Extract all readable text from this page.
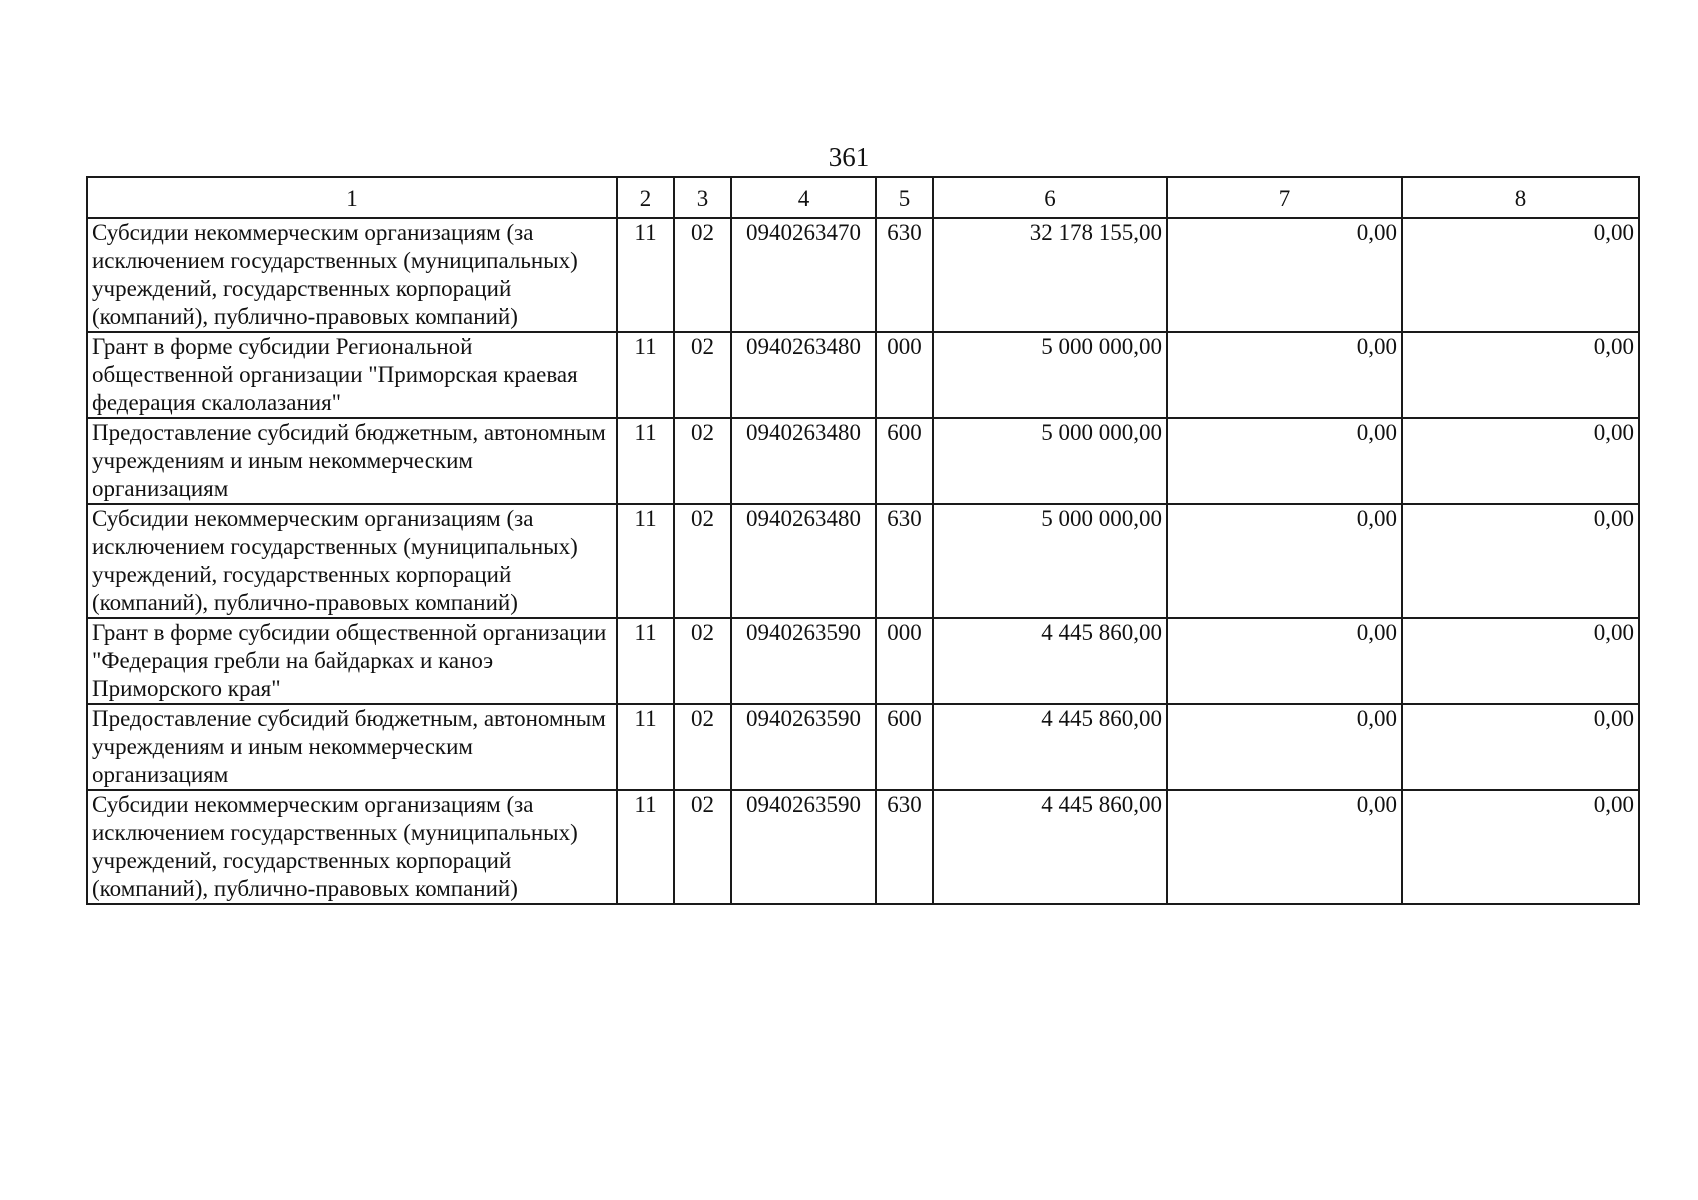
361
1	2	3	4	5	6	7	8
Субсидии некоммерческим организациям (за исключением государственных (муниципальных) учреждений, государственных корпораций (компаний), публично-правовых компаний)	11	02	0940263470	630	32 178 155,00	0,00	0,00
Грант в форме субсидии Региональной общественной организации "Приморская краевая федерация скалолазания"	11	02	0940263480	000	5 000 000,00	0,00	0,00
Предоставление субсидий бюджетным, автономным учреждениям и иным некоммерческим организациям	11	02	0940263480	600	5 000 000,00	0,00	0,00
Субсидии некоммерческим организациям (за исключением государственных (муниципальных) учреждений, государственных корпораций (компаний), публично-правовых компаний)	11	02	0940263480	630	5 000 000,00	0,00	0,00
Грант в форме субсидии общественной организации "Федерация гребли на байдарках и каноэ Приморского края"	11	02	0940263590	000	4 445 860,00	0,00	0,00
Предоставление субсидий бюджетным, автономным учреждениям и иным некоммерческим организациям	11	02	0940263590	600	4 445 860,00	0,00	0,00
Субсидии некоммерческим организациям (за исключением государственных (муниципальных) учреждений, государственных корпораций (компаний), публично-правовых компаний)	11	02	0940263590	630	4 445 860,00	0,00	0,00
